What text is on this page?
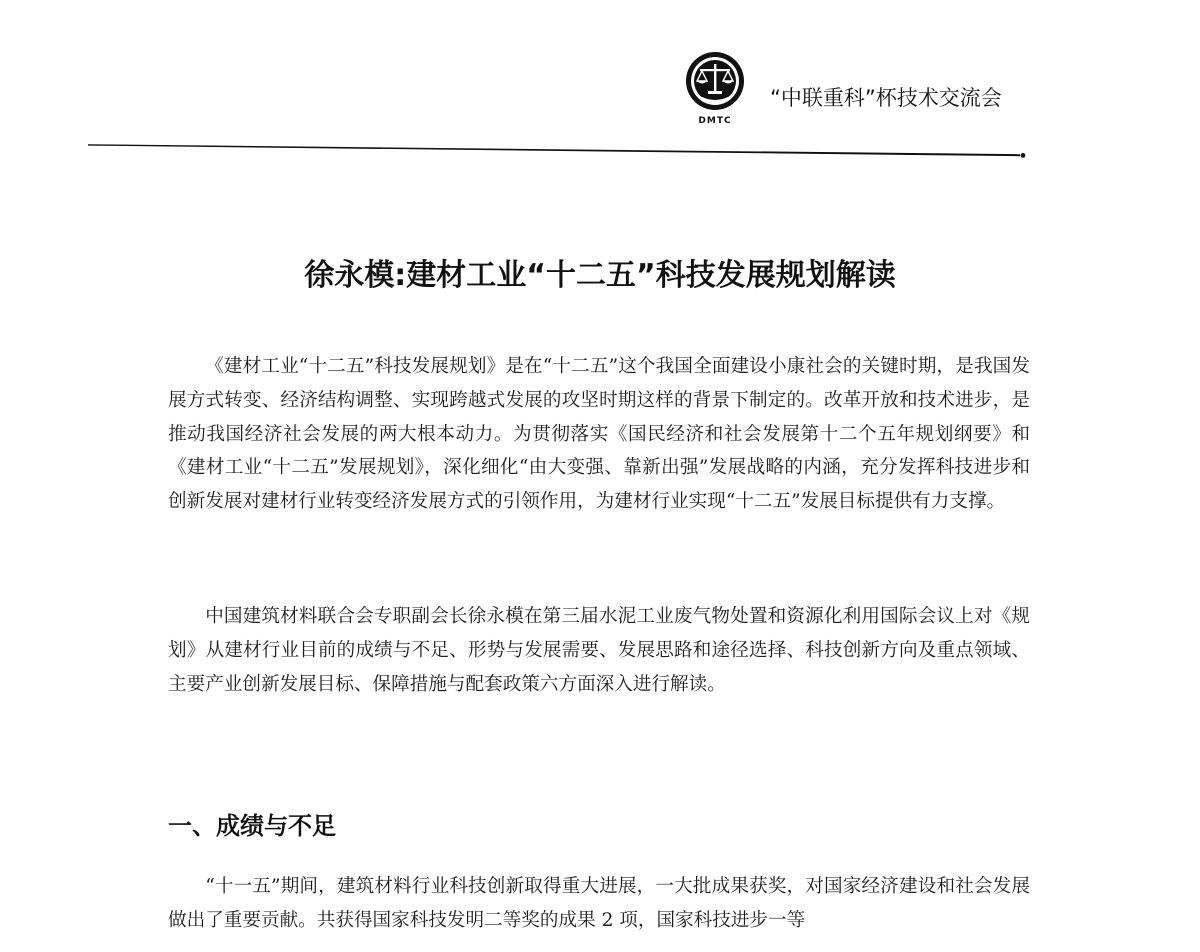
DMTC
“中联重科”杯技术交流会
徐永模:建材工业“十二五”科技发展规划解读

《建材工业“十二五”科技发展规划》是在“十二五”这个我国全面建设小康社会的关键时期，是我国发展方式转变、经济结构调整、实现跨越式发展的攻坚时期这样的背景下制定的。改革开放和技术进步，是推动我国经济社会发展的两大根本动力。为贯彻落实《国民经济和社会发展第十二个五年规划纲要》和《建材工业“十二五”发展规划》，深化细化“由大变强、靠新出强”发展战略的内涵，充分发挥科技进步和创新发展对建材行业转变经济发展方式的引领作用，为建材行业实现“十二五”发展目标提供有力支撑。

中国建筑材料联合会专职副会长徐永模在第三届水泥工业废气物处置和资源化利用国际会议上对《规划》从建材行业目前的成绩与不足、形势与发展需要、发展思路和途径选择、科技创新方向及重点领域、主要产业创新发展目标、保障措施与配套政策六方面深入进行解读。

一、成绩与不足

“十一五”期间，建筑材料行业科技创新取得重大进展，一大批成果获奖，对国家经济建设和社会发展做出了重要贡献。共获得国家科技发明二等奖的成果 2 项，国家科技进步一等
